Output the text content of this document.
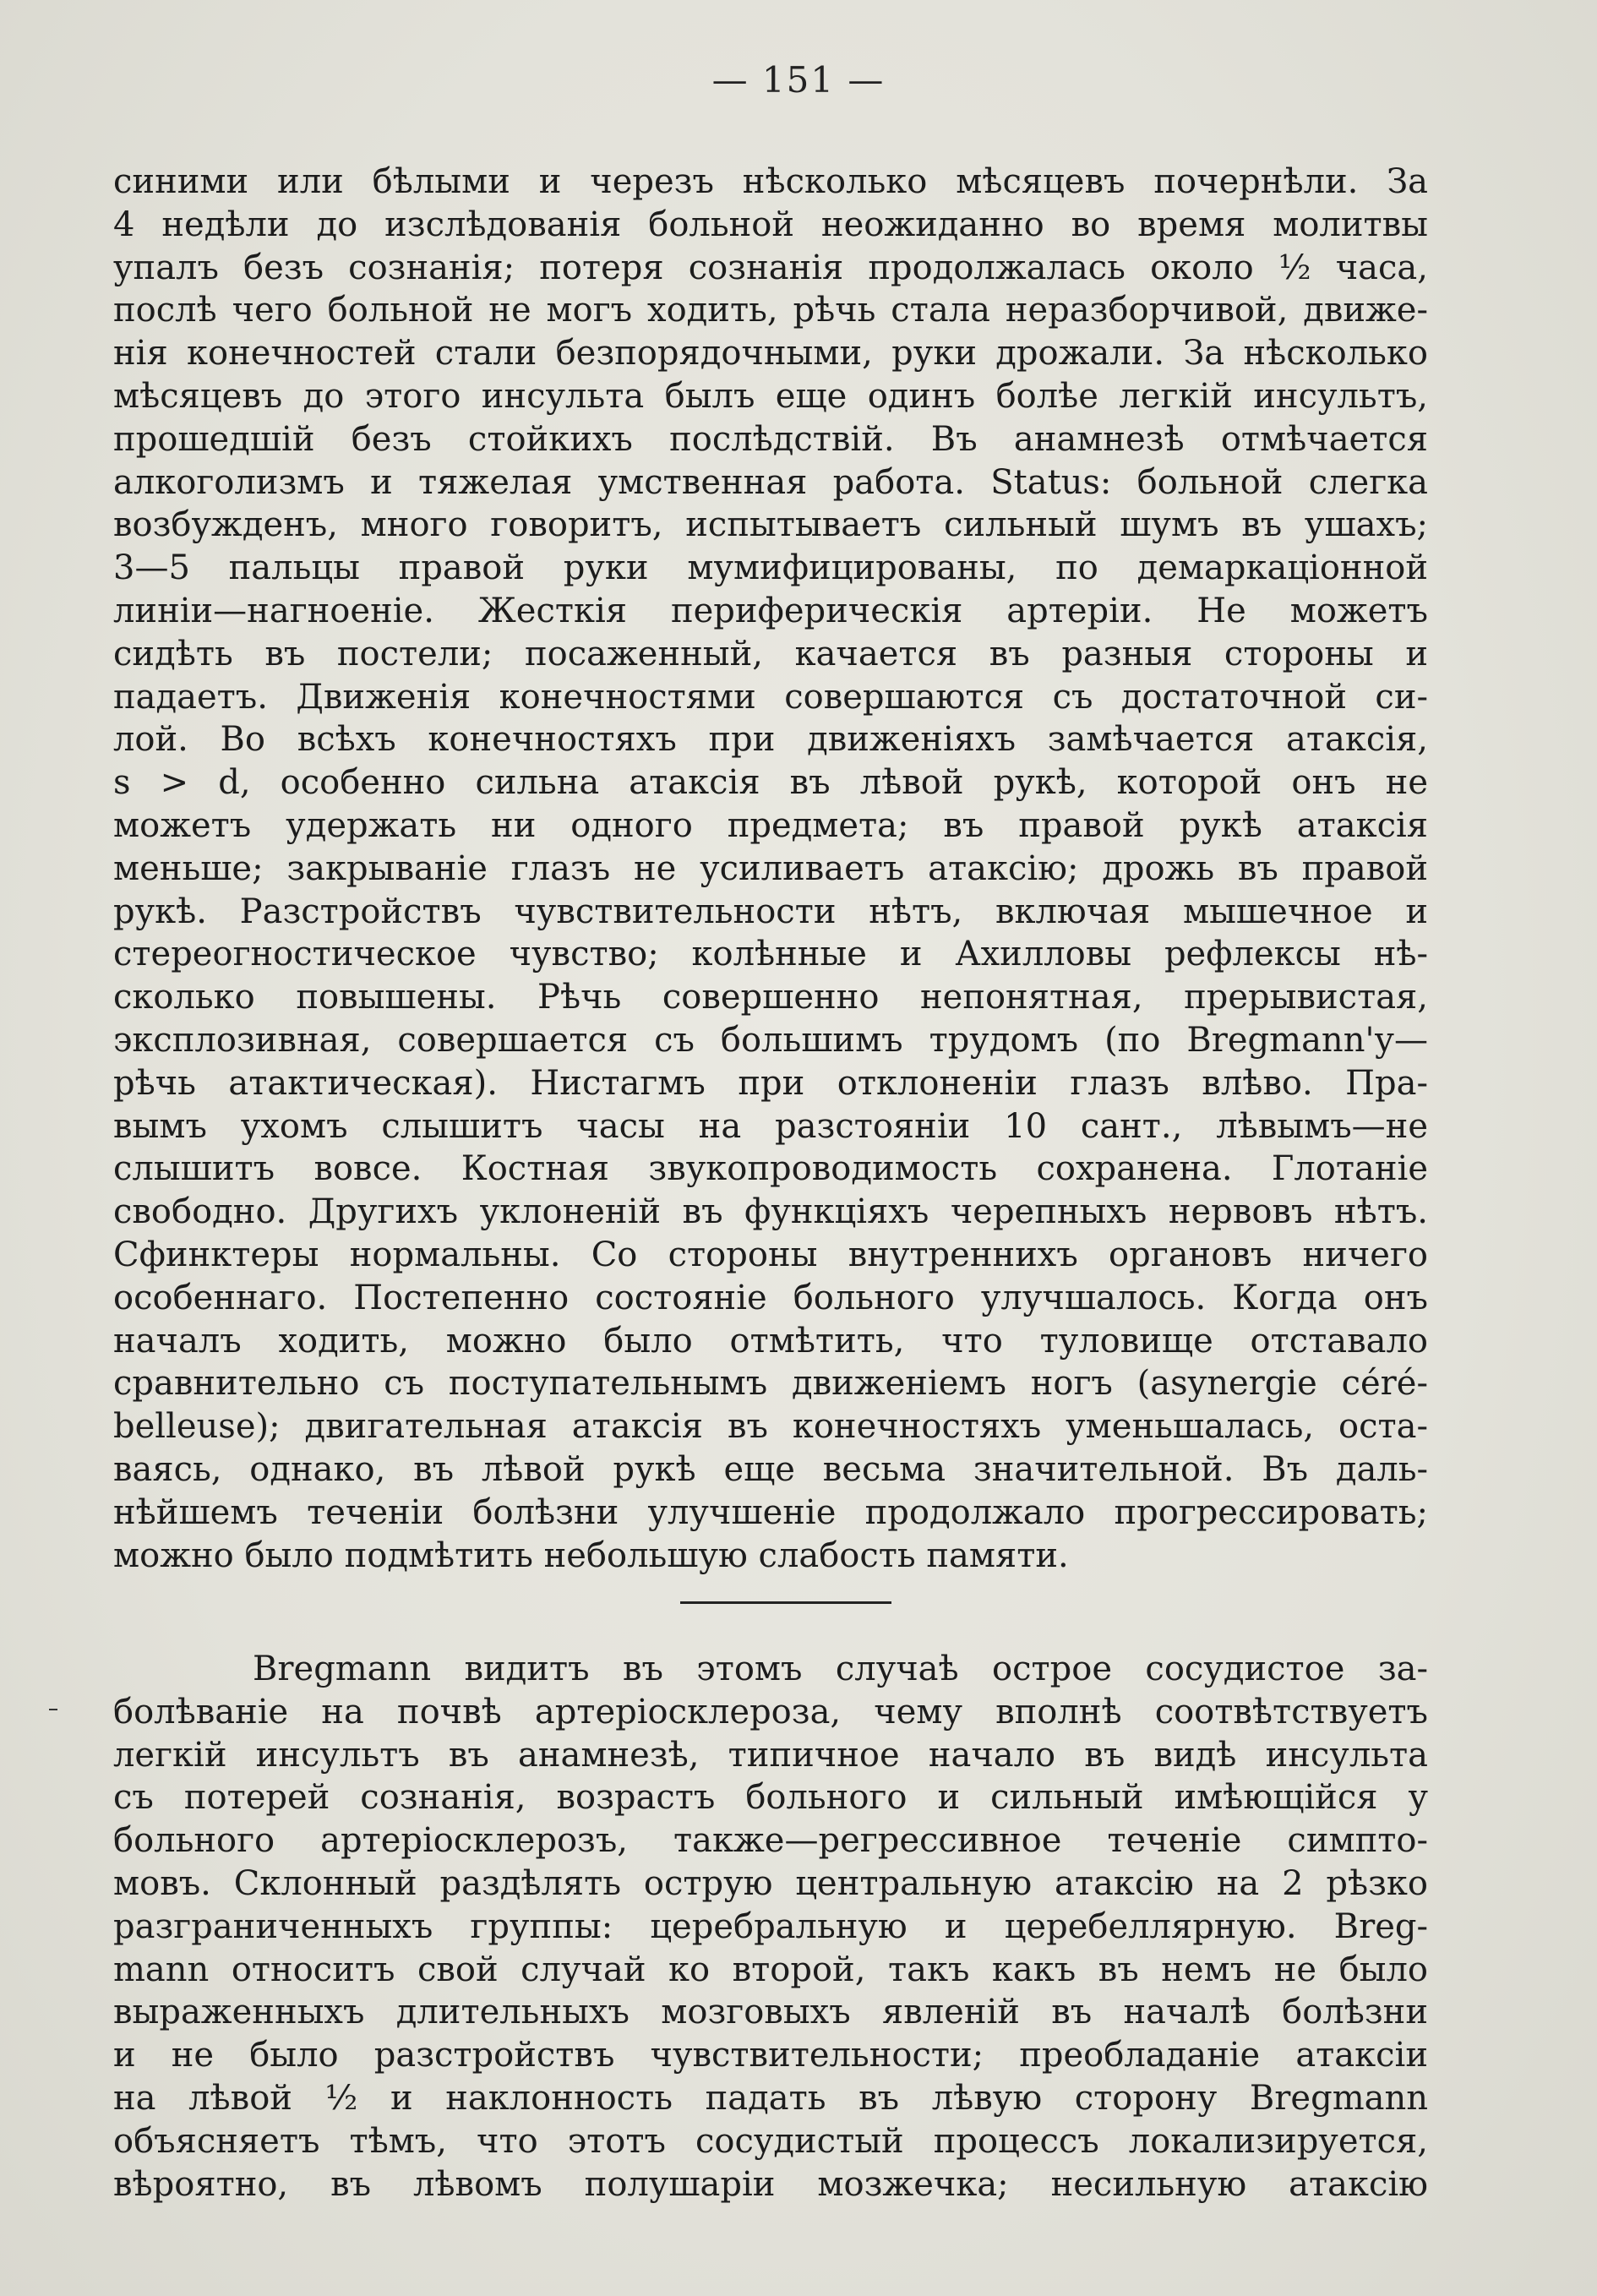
— 151 —
синими или бѣлыми и черезъ нѣсколько мѣсяцевъ почернѣли. За
4 недѣли до изслѣдованія больной неожиданно во время молитвы
упалъ безъ сознанія; потеря сознанія продолжалась около ½ часа,
послѣ чего больной не могъ ходить, рѣчь стала неразборчивой, движе-
нія конечностей стали безпорядочными, руки дрожали. За нѣсколько
мѣсяцевъ до этого инсульта былъ еще одинъ болѣе легкій инсультъ,
прошедшій безъ стойкихъ послѣдствій. Въ анамнезѣ отмѣчается
алкоголизмъ и тяжелая умственная работа. Status: больной слегка
возбужденъ, много говоритъ, испытываетъ сильный шумъ въ ушахъ;
3—5 пальцы правой руки мумифицированы, по демаркаціонной
линіи—нагноеніе. Жесткія периферическія артеріи. Не можетъ
сидѣть въ постели; посаженный, качается въ разныя стороны и
падаетъ. Движенія конечностями совершаются съ достаточной си-
лой. Во всѣхъ конечностяхъ при движеніяхъ замѣчается атаксія,
s > d, особенно сильна атаксія въ лѣвой рукѣ, которой онъ не
можетъ удержать ни одного предмета; въ правой рукѣ атаксія
меньше; закрываніе глазъ не усиливаетъ атаксію; дрожь въ правой
рукѣ. Разстройствъ чувствительности нѣтъ, включая мышечное и
стереогностическое чувство; колѣнные и Ахилловы рефлексы нѣ-
сколько повышены. Рѣчь совершенно непонятная, прерывистая,
эксплозивная, совершается съ большимъ трудомъ (по Bregmann'у—
рѣчь атактическая). Нистагмъ при отклоненіи глазъ влѣво. Пра-
вымъ ухомъ слышитъ часы на разстояніи 10 сант., лѣвымъ—не
слышитъ вовсе. Костная звукопроводимость сохранена. Глотаніе
свободно. Другихъ уклоненій въ функціяхъ черепныхъ нервовъ нѣтъ.
Сфинктеры нормальны. Со стороны внутреннихъ органовъ ничего
особеннаго. Постепенно состояніе больного улучшалось. Когда онъ
началъ ходить, можно было отмѣтить, что туловище отставало
сравнительно съ поступательнымъ движеніемъ ногъ (asynergie céré-
belleuse); двигательная атаксія въ конечностяхъ уменьшалась, оста-
ваясь, однако, въ лѣвой рукѣ еще весьма значительной. Въ даль-
нѣйшемъ теченіи болѣзни улучшеніе продолжало прогрессировать;
можно было подмѣтить небольшую слабость памяти.
Bregmann видитъ въ этомъ случаѣ острое сосудистое за-
болѣваніе на почвѣ артеріосклероза, чему вполнѣ соотвѣтствуетъ
легкій инсультъ въ анамнезѣ, типичное начало въ видѣ инсульта
съ потерей сознанія, возрастъ больного и сильный имѣющійся у
больного артеріосклерозъ, также—регрессивное теченіе симпто-
мовъ. Склонный раздѣлять острую центральную атаксію на 2 рѣзко
разграниченныхъ группы: церебральную и церебеллярную. Breg-
mann относитъ свой случай ко второй, такъ какъ въ немъ не было
выраженныхъ длительныхъ мозговыхъ явленій въ началѣ болѣзни
и не было разстройствъ чувствительности; преобладаніе атаксіи
на лѣвой ½ и наклонность падать въ лѣвую сторону Bregmann
объясняетъ тѣмъ, что этотъ сосудистый процессъ локализируется,
вѣроятно, въ лѣвомъ полушаріи мозжечка; несильную атаксію
